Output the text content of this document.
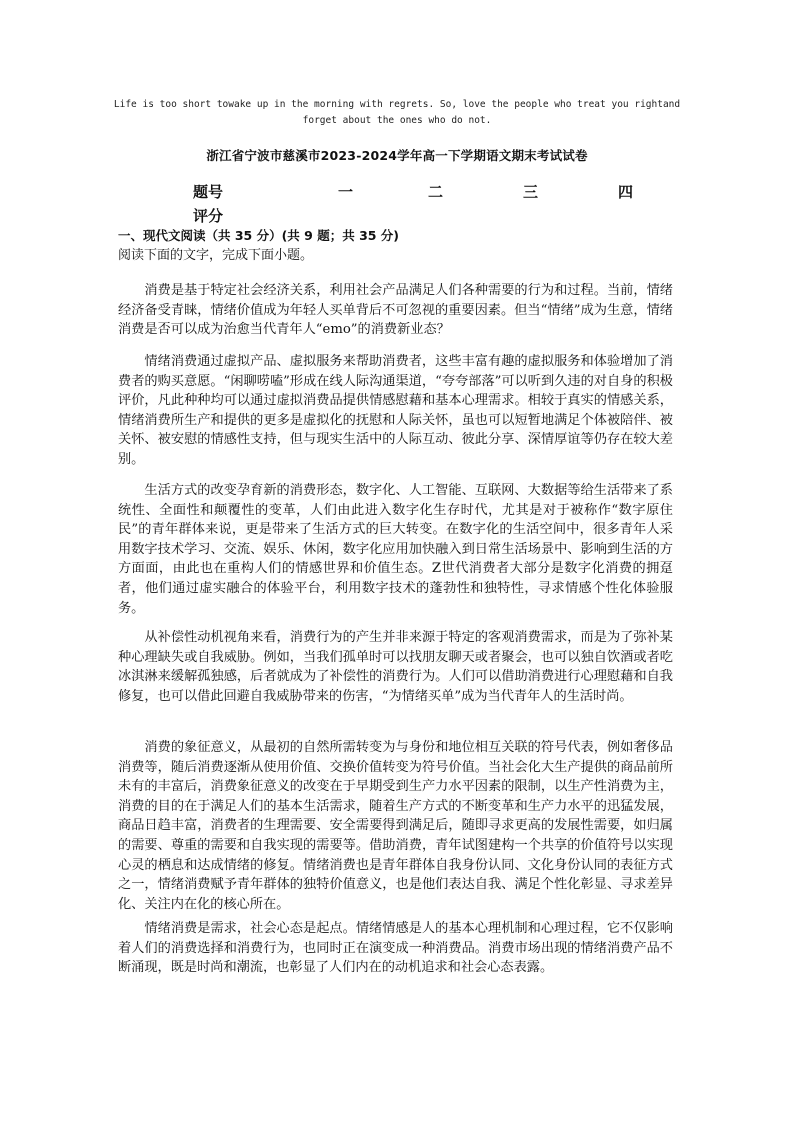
Life is too short towake up in the morning with regrets. So, love the people who treat you rightand forget about the ones who do not.
浙江省宁波市慈溪市2023-2024学年高一下学期语文期末考试试卷
题号	一	二	三	四
评分
一、现代文阅读（共 35 分）(共 9 题；共 35 分)
阅读下面的文字，完成下面小题。

消费是基于特定社会经济关系，利用社会产品满足人们各种需要的行为和过程。当前，情绪经济备受青睐，情绪价值成为年轻人买单背后不可忽视的重要因素。但当“情绪”成为生意，情绪消费是否可以成为治愈当代青年人“emo”的消费新业态？

情绪消费通过虚拟产品、虚拟服务来帮助消费者，这些丰富有趣的虚拟服务和体验增加了消费者的购买意愿。“闲聊唠嗑”形成在线人际沟通渠道，“夸夸部落”可以听到久违的对自身的积极评价，凡此种种均可以通过虚拟消费品提供情感慰藉和基本心理需求。相较于真实的情感关系，情绪消费所生产和提供的更多是虚拟化的抚慰和人际关怀，虽也可以短暂地满足个体被陪伴、被关怀、被安慰的情感性支持，但与现实生活中的人际互动、彼此分享、深情厚谊等仍存在较大差别。

生活方式的改变孕育新的消费形态，数字化、人工智能、互联网、大数据等给生活带来了系统性、全面性和颠覆性的变革，人们由此进入数字化生存时代，尤其是对于被称作“数字原住民”的青年群体来说，更是带来了生活方式的巨大转变。在数字化的生活空间中，很多青年人采用数字技术学习、交流、娱乐、休闲，数字化应用加快融入到日常生活场景中、影响到生活的方方面面，由此也在重构人们的情感世界和价值生态。Z世代消费者大部分是数字化消费的拥趸者，他们通过虚实融合的体验平台，利用数字技术的蓬勃性和独特性，寻求情感个性化体验服务。

从补偿性动机视角来看，消费行为的产生并非来源于特定的客观消费需求，而是为了弥补某种心理缺失或自我威胁。例如，当我们孤单时可以找朋友聊天或者聚会，也可以独自饮酒或者吃冰淇淋来缓解孤独感，后者就成为了补偿性的消费行为。人们可以借助消费进行心理慰藉和自我修复，也可以借此回避自我威胁带来的伤害，“为情绪买单”成为当代青年人的生活时尚。

消费的象征意义，从最初的自然所需转变为与身份和地位相互关联的符号代表，例如奢侈品消费等，随后消费逐渐从使用价值、交换价值转变为符号价值。当社会化大生产提供的商品前所未有的丰富后，消费象征意义的改变在于早期受到生产力水平因素的限制，以生产性消费为主，消费的目的在于满足人们的基本生活需求，随着生产方式的不断变革和生产力水平的迅猛发展，商品日趋丰富，消费者的生理需要、安全需要得到满足后，随即寻求更高的发展性需要，如归属的需要、尊重的需要和自我实现的需要等。借助消费，青年试图建构一个共享的价值符号以实现心灵的栖息和达成情绪的修复。情绪消费也是青年群体自我身份认同、文化身份认同的表征方式之一，情绪消费赋予青年群体的独特价值意义，也是他们表达自我、满足个性化彰显、寻求差异化、关注内在化的核心所在。

情绪消费是需求，社会心态是起点。情绪情感是人的基本心理机制和心理过程，它不仅影响着人们的消费选择和消费行为，也同时正在演变成一种消费品。消费市场出现的情绪消费产品不断涌现，既是时尚和潮流，也彰显了人们内在的动机追求和社会心态表露。
